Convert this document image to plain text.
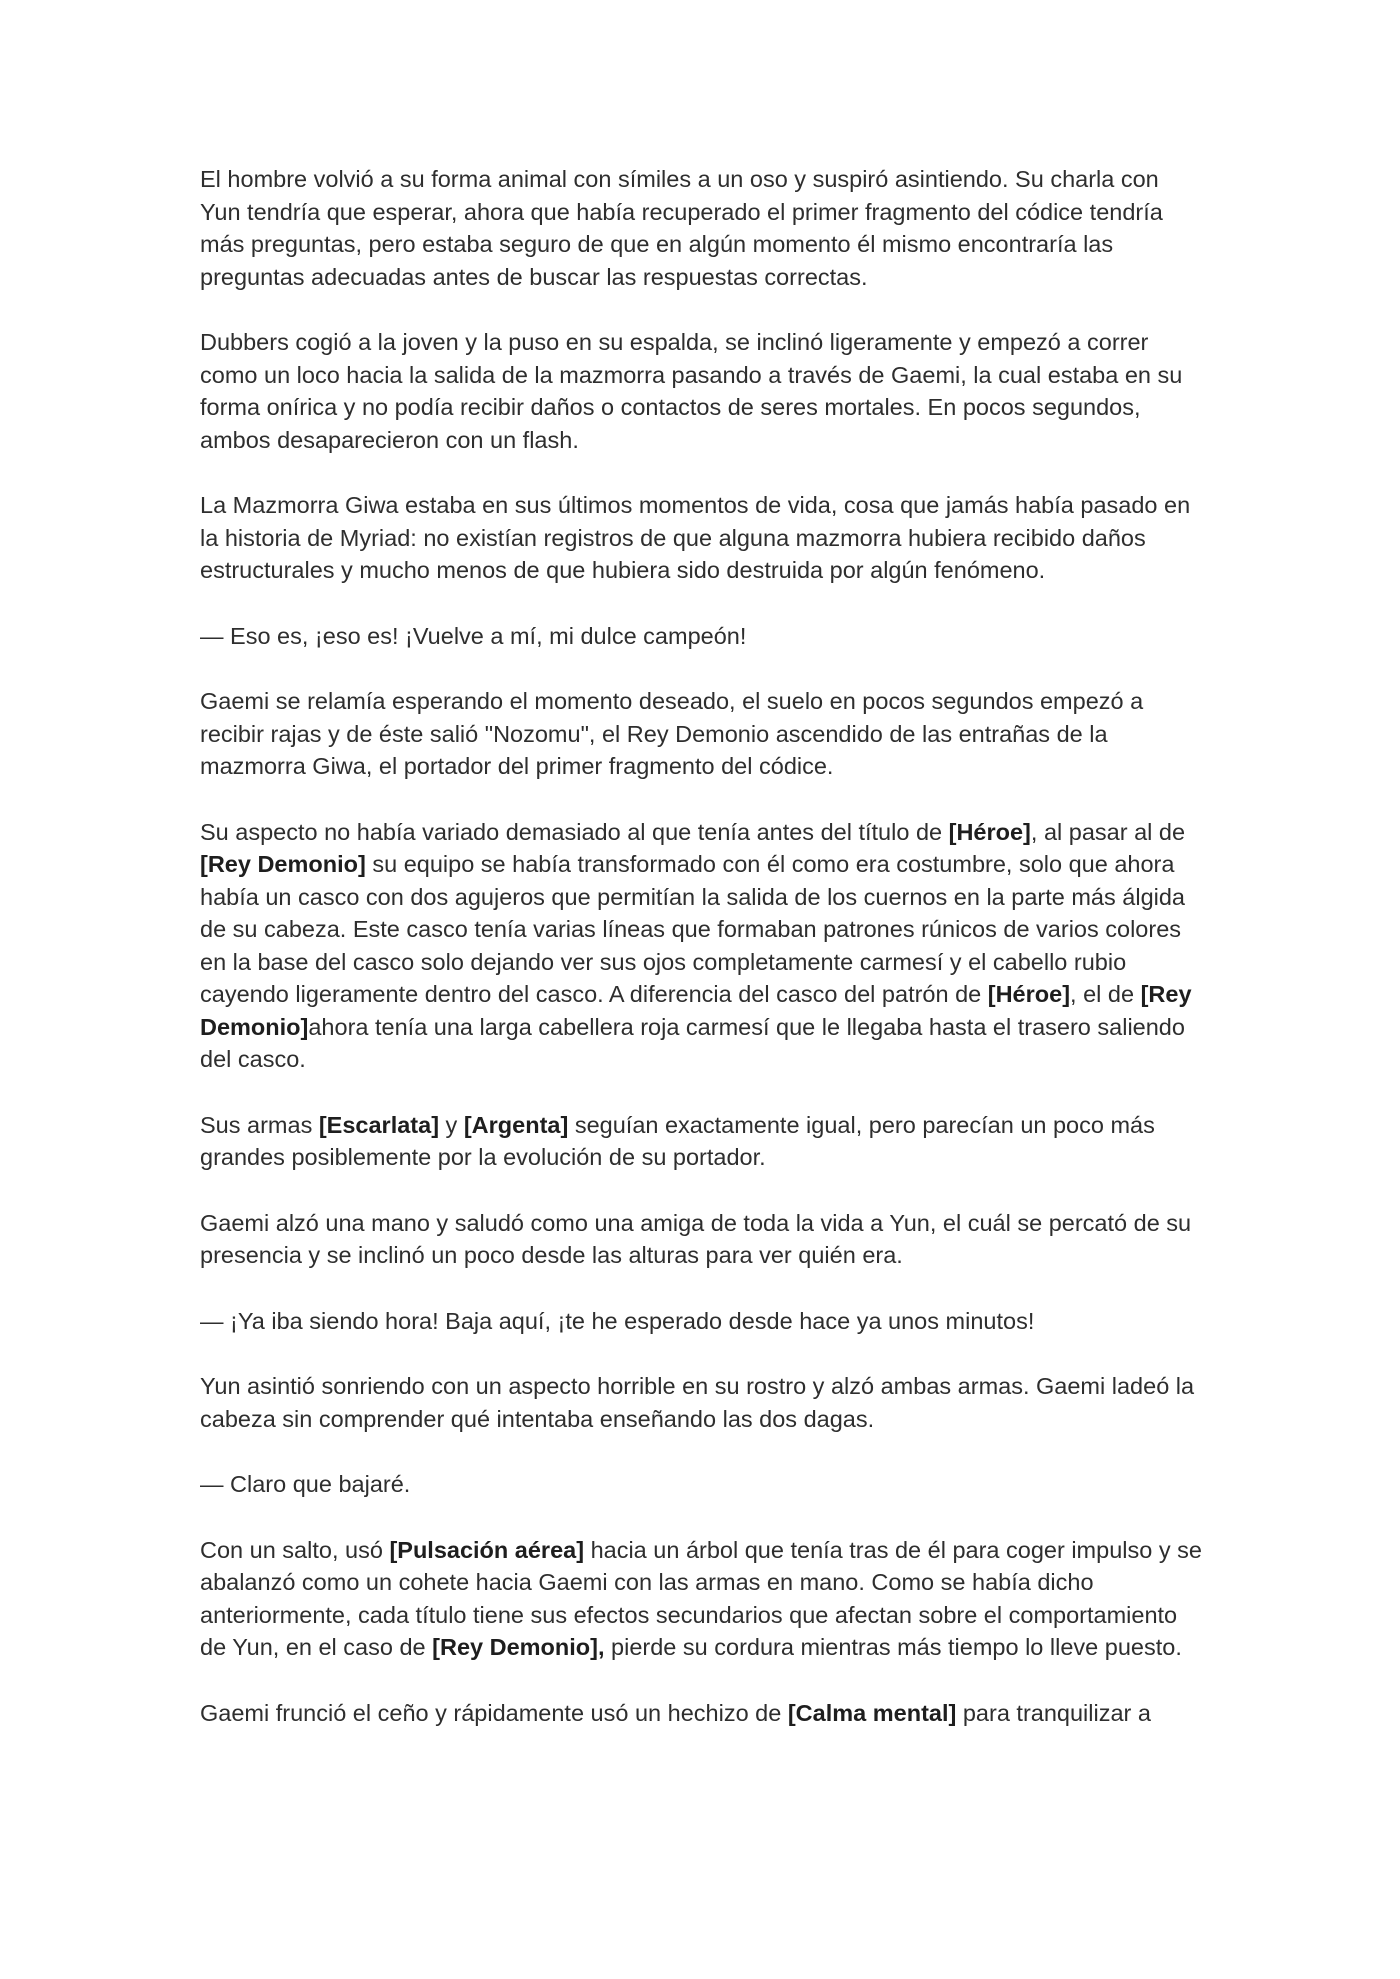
El hombre volvió a su forma animal con símiles a un oso y suspiró asintiendo. Su charla con Yun tendría que esperar, ahora que había recuperado el primer fragmento del códice tendría más preguntas, pero estaba seguro de que en algún momento él mismo encontraría las preguntas adecuadas antes de buscar las respuestas correctas.

Dubbers cogió a la joven y la puso en su espalda, se inclinó ligeramente y empezó a correr como un loco hacia la salida de la mazmorra pasando a través de Gaemi, la cual estaba en su forma onírica y no podía recibir daños o contactos de seres mortales. En pocos segundos, ambos desaparecieron con un flash.

La Mazmorra Giwa estaba en sus últimos momentos de vida, cosa que jamás había pasado en la historia de Myriad: no existían registros de que alguna mazmorra hubiera recibido daños estructurales y mucho menos de que hubiera sido destruida por algún fenómeno.

— Eso es, ¡eso es! ¡Vuelve a mí, mi dulce campeón!

Gaemi se relamía esperando el momento deseado, el suelo en pocos segundos empezó a recibir rajas y de éste salió "Nozomu", el Rey Demonio ascendido de las entrañas de la mazmorra Giwa, el portador del primer fragmento del códice.

Su aspecto no había variado demasiado al que tenía antes del título de [Héroe], al pasar al de [Rey Demonio] su equipo se había transformado con él como era costumbre, solo que ahora había un casco con dos agujeros que permitían la salida de los cuernos en la parte más álgida de su cabeza. Este casco tenía varias líneas que formaban patrones rúnicos de varios colores en la base del casco solo dejando ver sus ojos completamente carmesí y el cabello rubio cayendo ligeramente dentro del casco. A diferencia del casco del patrón de [Héroe], el de [Rey Demonio]ahora tenía una larga cabellera roja carmesí que le llegaba hasta el trasero saliendo del casco.

Sus armas [Escarlata] y [Argenta] seguían exactamente igual, pero parecían un poco más grandes posiblemente por la evolución de su portador.

Gaemi alzó una mano y saludó como una amiga de toda la vida a Yun, el cuál se percató de su presencia y se inclinó un poco desde las alturas para ver quién era.

— ¡Ya iba siendo hora! Baja aquí, ¡te he esperado desde hace ya unos minutos!

Yun asintió sonriendo con un aspecto horrible en su rostro y alzó ambas armas. Gaemi ladeó la cabeza sin comprender qué intentaba enseñando las dos dagas.

— Claro que bajaré.

Con un salto, usó [Pulsación aérea] hacia un árbol que tenía tras de él para coger impulso y se abalanzó como un cohete hacia Gaemi con las armas en mano. Como se había dicho anteriormente, cada título tiene sus efectos secundarios que afectan sobre el comportamiento de Yun, en el caso de [Rey Demonio], pierde su cordura mientras más tiempo lo lleve puesto.

Gaemi frunció el ceño y rápidamente usó un hechizo de [Calma mental] para tranquilizar a
